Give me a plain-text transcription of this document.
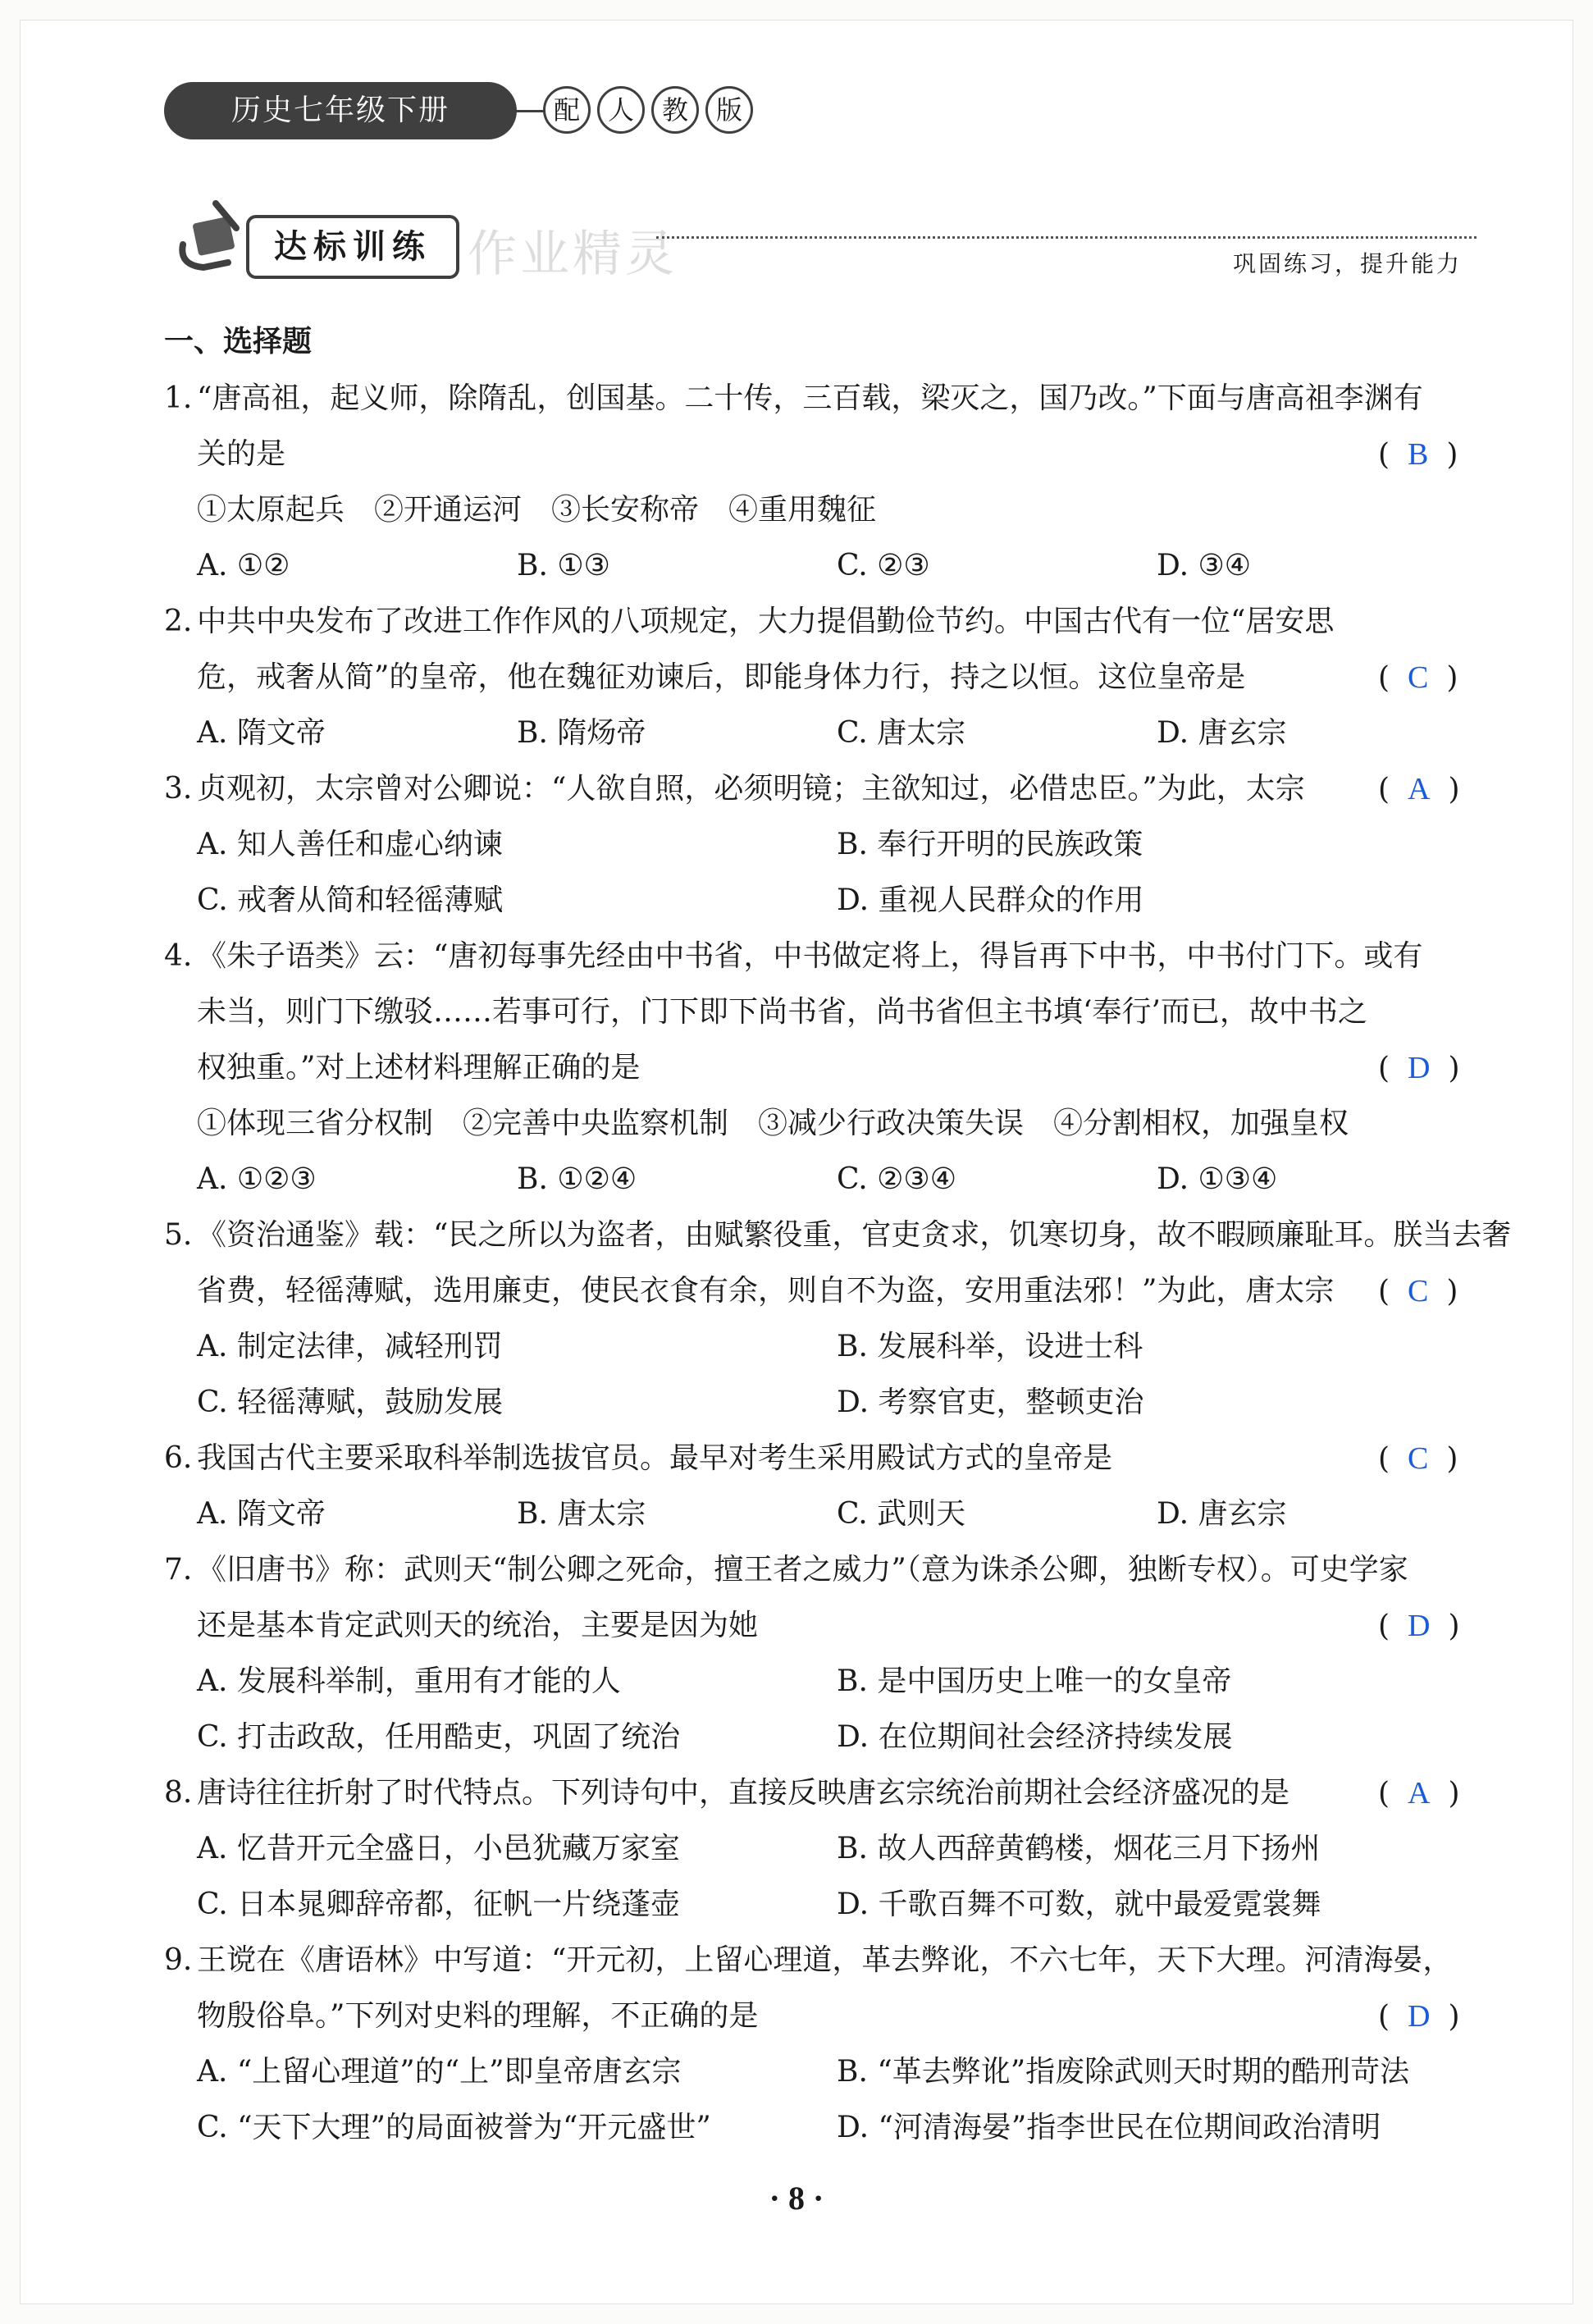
历史七年级下册	配	人	教	版
达标训练 作业精灵	巩固练习，提升能力
一、选择题
1. “唐高祖，起义师，除隋乱，创国基。二十传，三百载，梁灭之，国乃改。”下面与唐高祖李渊有
关的是	( B )
①太原起兵 ②开通运河 ③长安称帝 ④重用魏征
A. ①②	B. ①③	C. ②③	D. ③④
2. 中共中央发布了改进工作作风的八项规定，大力提倡勤俭节约。中国古代有一位“居安思
危，戒奢从简”的皇帝，他在魏征劝谏后，即能身体力行，持之以恒。这位皇帝是	( C )
A. 隋文帝	B. 隋炀帝	C. 唐太宗	D. 唐玄宗
3. 贞观初，太宗曾对公卿说：“人欲自照，必须明镜；主欲知过，必借忠臣。”为此，太宗 ( A )
A. 知人善任和虚心纳谏	B. 奉行开明的民族政策
C. 戒奢从简和轻徭薄赋	D. 重视人民群众的作用
4. 《朱子语类》云：“唐初每事先经由中书省，中书做定将上，得旨再下中书，中书付门下。或有
未当，则门下缴驳……若事可行，门下即下尚书省，尚书省但主书填‘奉行’而已，故中书之
权独重。”对上述材料理解正确的是	( D )
①体现三省分权制 ②完善中央监察机制 ③减少行政决策失误 ④分割相权，加强皇权
A. ①②③	B. ①②④	C. ②③④	D. ①③④
5. 《资治通鉴》载：“民之所以为盗者，由赋繁役重，官吏贪求，饥寒切身，故不暇顾廉耻耳。朕当去奢
省费，轻徭薄赋，选用廉吏，使民衣食有余，则自不为盗，安用重法邪！”为此，唐太宗 ( C )
A. 制定法律，减轻刑罚	B. 发展科举，设进士科
C. 轻徭薄赋，鼓励发展	D. 考察官吏，整顿吏治
6. 我国古代主要采取科举制选拔官员。最早对考生采用殿试方式的皇帝是	( C )
A. 隋文帝	B. 唐太宗	C. 武则天	D. 唐玄宗
7. 《旧唐书》称：武则天“制公卿之死命，擅王者之威力”（意为诛杀公卿，独断专权）。可史学家
还是基本肯定武则天的统治，主要是因为她	( D )
A. 发展科举制，重用有才能的人	B. 是中国历史上唯一的女皇帝
C. 打击政敌，任用酷吏，巩固了统治	D. 在位期间社会经济持续发展
8. 唐诗往往折射了时代特点。下列诗句中，直接反映唐玄宗统治前期社会经济盛况的是	( A )
A. 忆昔开元全盛日，小邑犹藏万家室	B. 故人西辞黄鹤楼，烟花三月下扬州
C. 日本晁卿辞帝都，征帆一片绕蓬壶	D. 千歌百舞不可数，就中最爱霓裳舞
9. 王谠在《唐语林》中写道：“开元初，上留心理道，革去弊讹，不六七年，天下大理。河清海晏，
物殷俗阜。”下列对史料的理解，不正确的是	( D )
A. “上留心理道”的“上”即皇帝唐玄宗	B. “革去弊讹”指废除武则天时期的酷刑苛法
C. “天下大理”的局面被誉为“开元盛世”	D. “河清海晏”指李世民在位期间政治清明
· 8 ·
